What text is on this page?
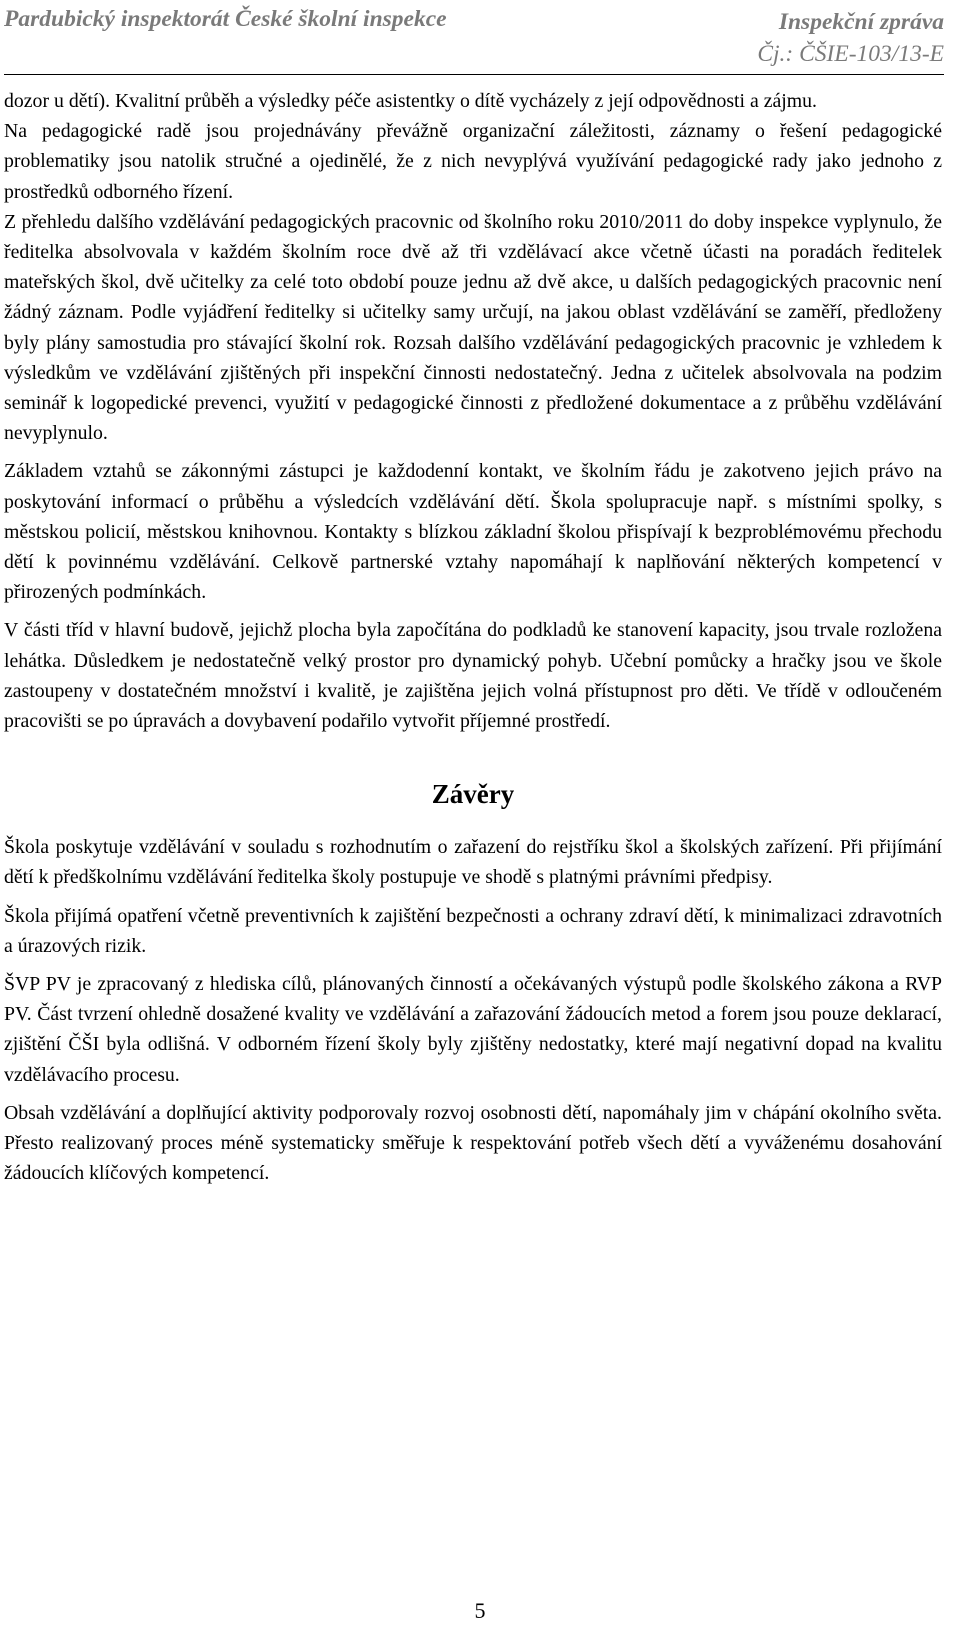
Pardubický inspektorát České školní inspekce	Inspekční zpráva
Čj.: ČŠIE-103/13-E

dozor u dětí). Kvalitní průběh a výsledky péče asistentky o dítě vycházely z její odpovědnosti a zájmu.

Na pedagogické radě jsou projednávány převážně organizační záležitosti, záznamy o řešení pedagogické problematiky jsou natolik stručné a ojedinělé, že z nich nevyplývá využívání pedagogické rady jako jednoho z prostředků odborného řízení.

Z přehledu dalšího vzdělávání pedagogických pracovnic od školního roku 2010/2011 do doby inspekce vyplynulo, že ředitelka absolvovala v každém školním roce dvě až tři vzdělávací akce včetně účasti na poradách ředitelek mateřských škol, dvě učitelky za celé toto období pouze jednu až dvě akce, u dalších pedagogických pracovnic není žádný záznam. Podle vyjádření ředitelky si učitelky samy určují, na jakou oblast vzdělávání se zaměří, předloženy byly plány samostudia pro stávající školní rok. Rozsah dalšího vzdělávání pedagogických pracovnic je vzhledem k výsledkům ve vzdělávání zjištěných při inspekční činnosti nedostatečný. Jedna z učitelek absolvovala na podzim seminář k logopedické prevenci, využití v pedagogické činnosti z předložené dokumentace a z průběhu vzdělávání nevyplynulo.

Základem vztahů se zákonnými zástupci je každodenní kontakt, ve školním řádu je zakotveno jejich právo na poskytování informací o průběhu a výsledcích vzdělávání dětí. Škola spolupracuje např. s místními spolky, s městskou policií, městskou knihovnou. Kontakty s blízkou základní školou přispívají k bezproblémovému přechodu dětí k povinnému vzdělávání. Celkově partnerské vztahy napomáhají k naplňování některých kompetencí v přirozených podmínkách.

V části tříd v hlavní budově, jejichž plocha byla započítána do podkladů ke stanovení kapacity, jsou trvale rozložena lehátka. Důsledkem je nedostatečně velký prostor pro dynamický pohyb. Učební pomůcky a hračky jsou ve škole zastoupeny v dostatečném množství i kvalitě, je zajištěna jejich volná přístupnost pro děti. Ve třídě v odloučeném pracovišti se po úpravách a dovybavení podařilo vytvořit příjemné prostředí.

Závěry

Škola poskytuje vzdělávání v souladu s rozhodnutím o zařazení do rejstříku škol a školských zařízení. Při přijímání dětí k předškolnímu vzdělávání ředitelka školy postupuje ve shodě s platnými právními předpisy.

Škola přijímá opatření včetně preventivních k zajištění bezpečnosti a ochrany zdraví dětí, k minimalizaci zdravotních a úrazových rizik.

ŠVP PV je zpracovaný z hlediska cílů, plánovaných činností a očekávaných výstupů podle školského zákona a RVP PV. Část tvrzení ohledně dosažené kvality ve vzdělávání a zařazování žádoucích metod a forem jsou pouze deklarací, zjištění ČŠI byla odlišná. V odborném řízení školy byly zjištěny nedostatky, které mají negativní dopad na kvalitu vzdělávacího procesu.

Obsah vzdělávání a doplňující aktivity podporovaly rozvoj osobnosti dětí, napomáhaly jim v chápání okolního světa. Přesto realizovaný proces méně systematicky směřuje k respektování potřeb všech dětí a vyváženému dosahování žádoucích klíčových kompetencí.

5
